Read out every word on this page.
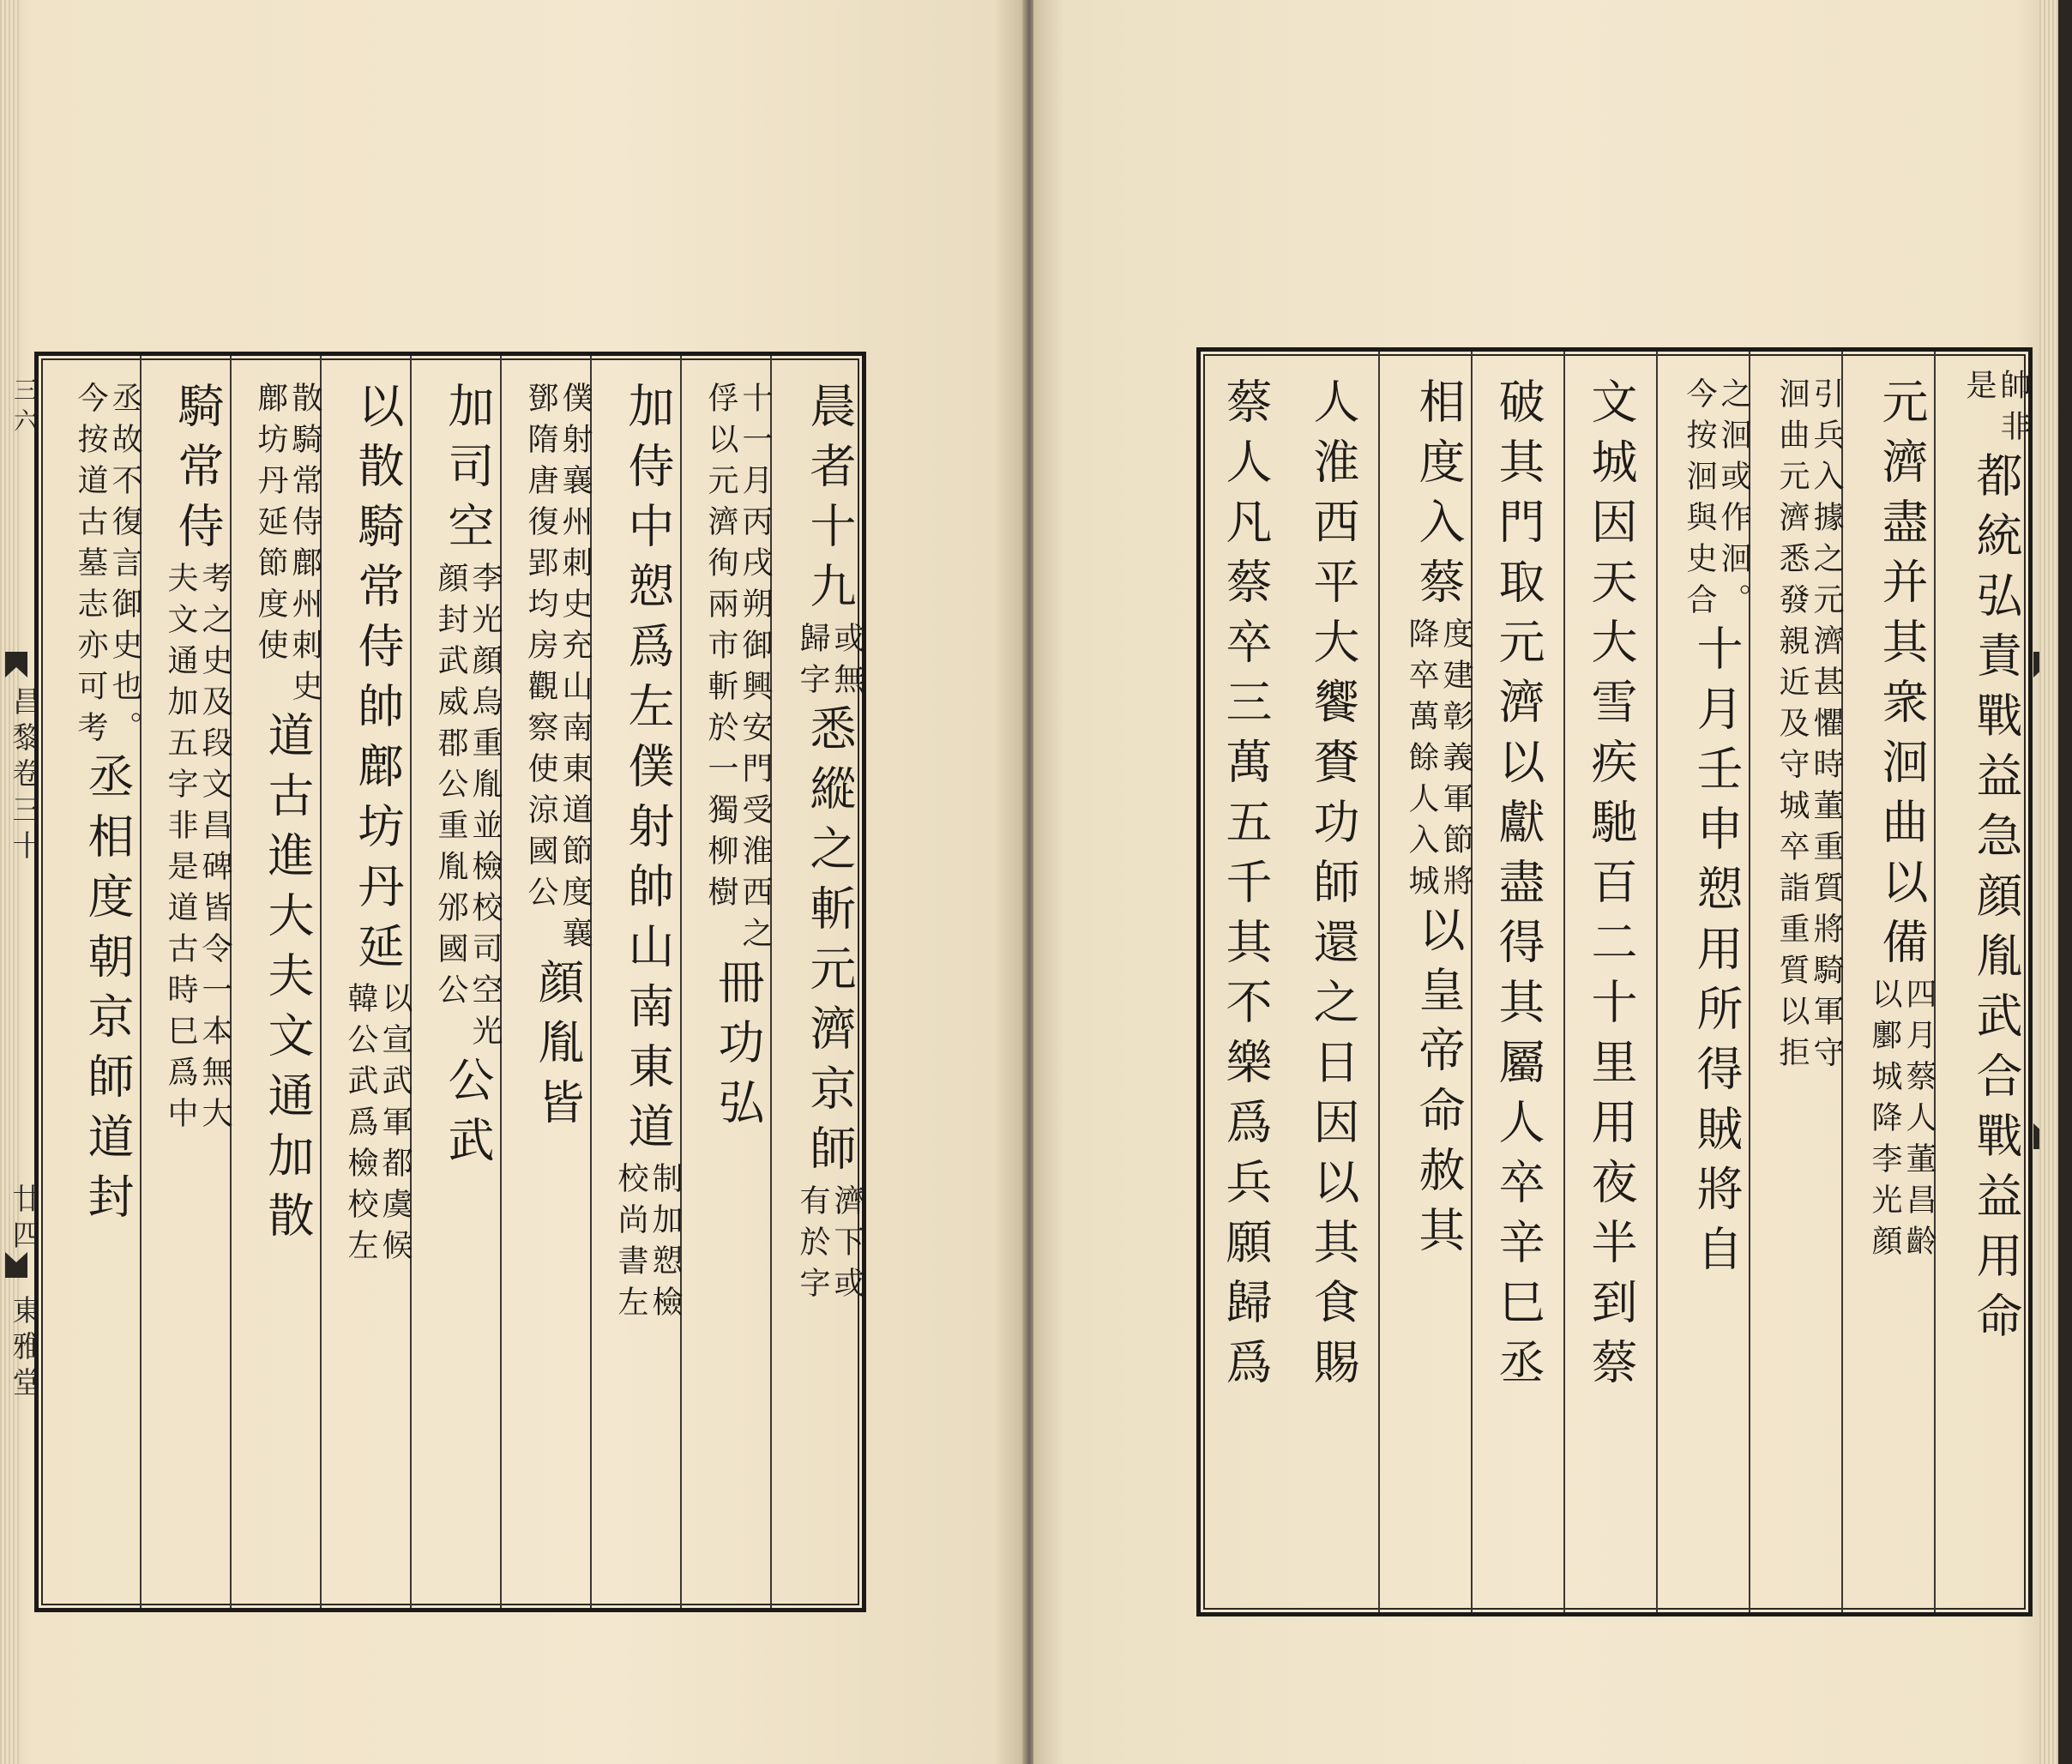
三六
昌黎卷三十
廿四
東雅堂
晨者十九
或無
歸字
悉縱之斬元濟京師
濟下或
有於字
十一月丙戌朔御興安門受淮西之
俘以元濟徇兩市斬於一獨柳樹
冊功弘
加侍中愬爲左僕射帥山南東道
制加愬檢
校尚書左
僕射襄州刺史充山南東道節度襄
鄧隋唐復郢均房觀察使涼國公
顔胤皆
加司空
李光顔烏重胤並檢校司空光
顔封武威郡公重胤邠國公
公武
以散騎常侍帥鄜坊丹延
以宣武軍都虞候
韓公武爲檢校左
散騎常侍鄜州刺史
鄜坊丹延節度使
道古進大夫文通加散
騎常侍
考之史及段文昌碑皆令一本無大
夫文通加五字非是道古時巳爲中
丞故不復言御史也。
今按道古墓志亦可考
丞相度朝京師道封
帥非
是
都統弘責戰益急顔胤武合戰益用命
元濟盡并其衆洄曲以備
四月蔡人董昌齡
以鄽城降李光顔
引兵入據之元濟甚懼時董重質將騎軍守
洄曲元濟悉發親近及守城卒詣重質以拒
之洄或作洄。
今按洄與史合
十月壬申愬用所得賊將自
文城因天大雪疾馳百二十里用夜半到蔡
破其門取元濟以獻盡得其屬人卒辛巳丞
相度入蔡
度建彰義軍節將
降卒萬餘人入城
以皇帝命赦其
人淮西平大饗賚功師還之日因以其食賜
蔡人凡蔡卒三萬五千其不樂爲兵願歸爲
